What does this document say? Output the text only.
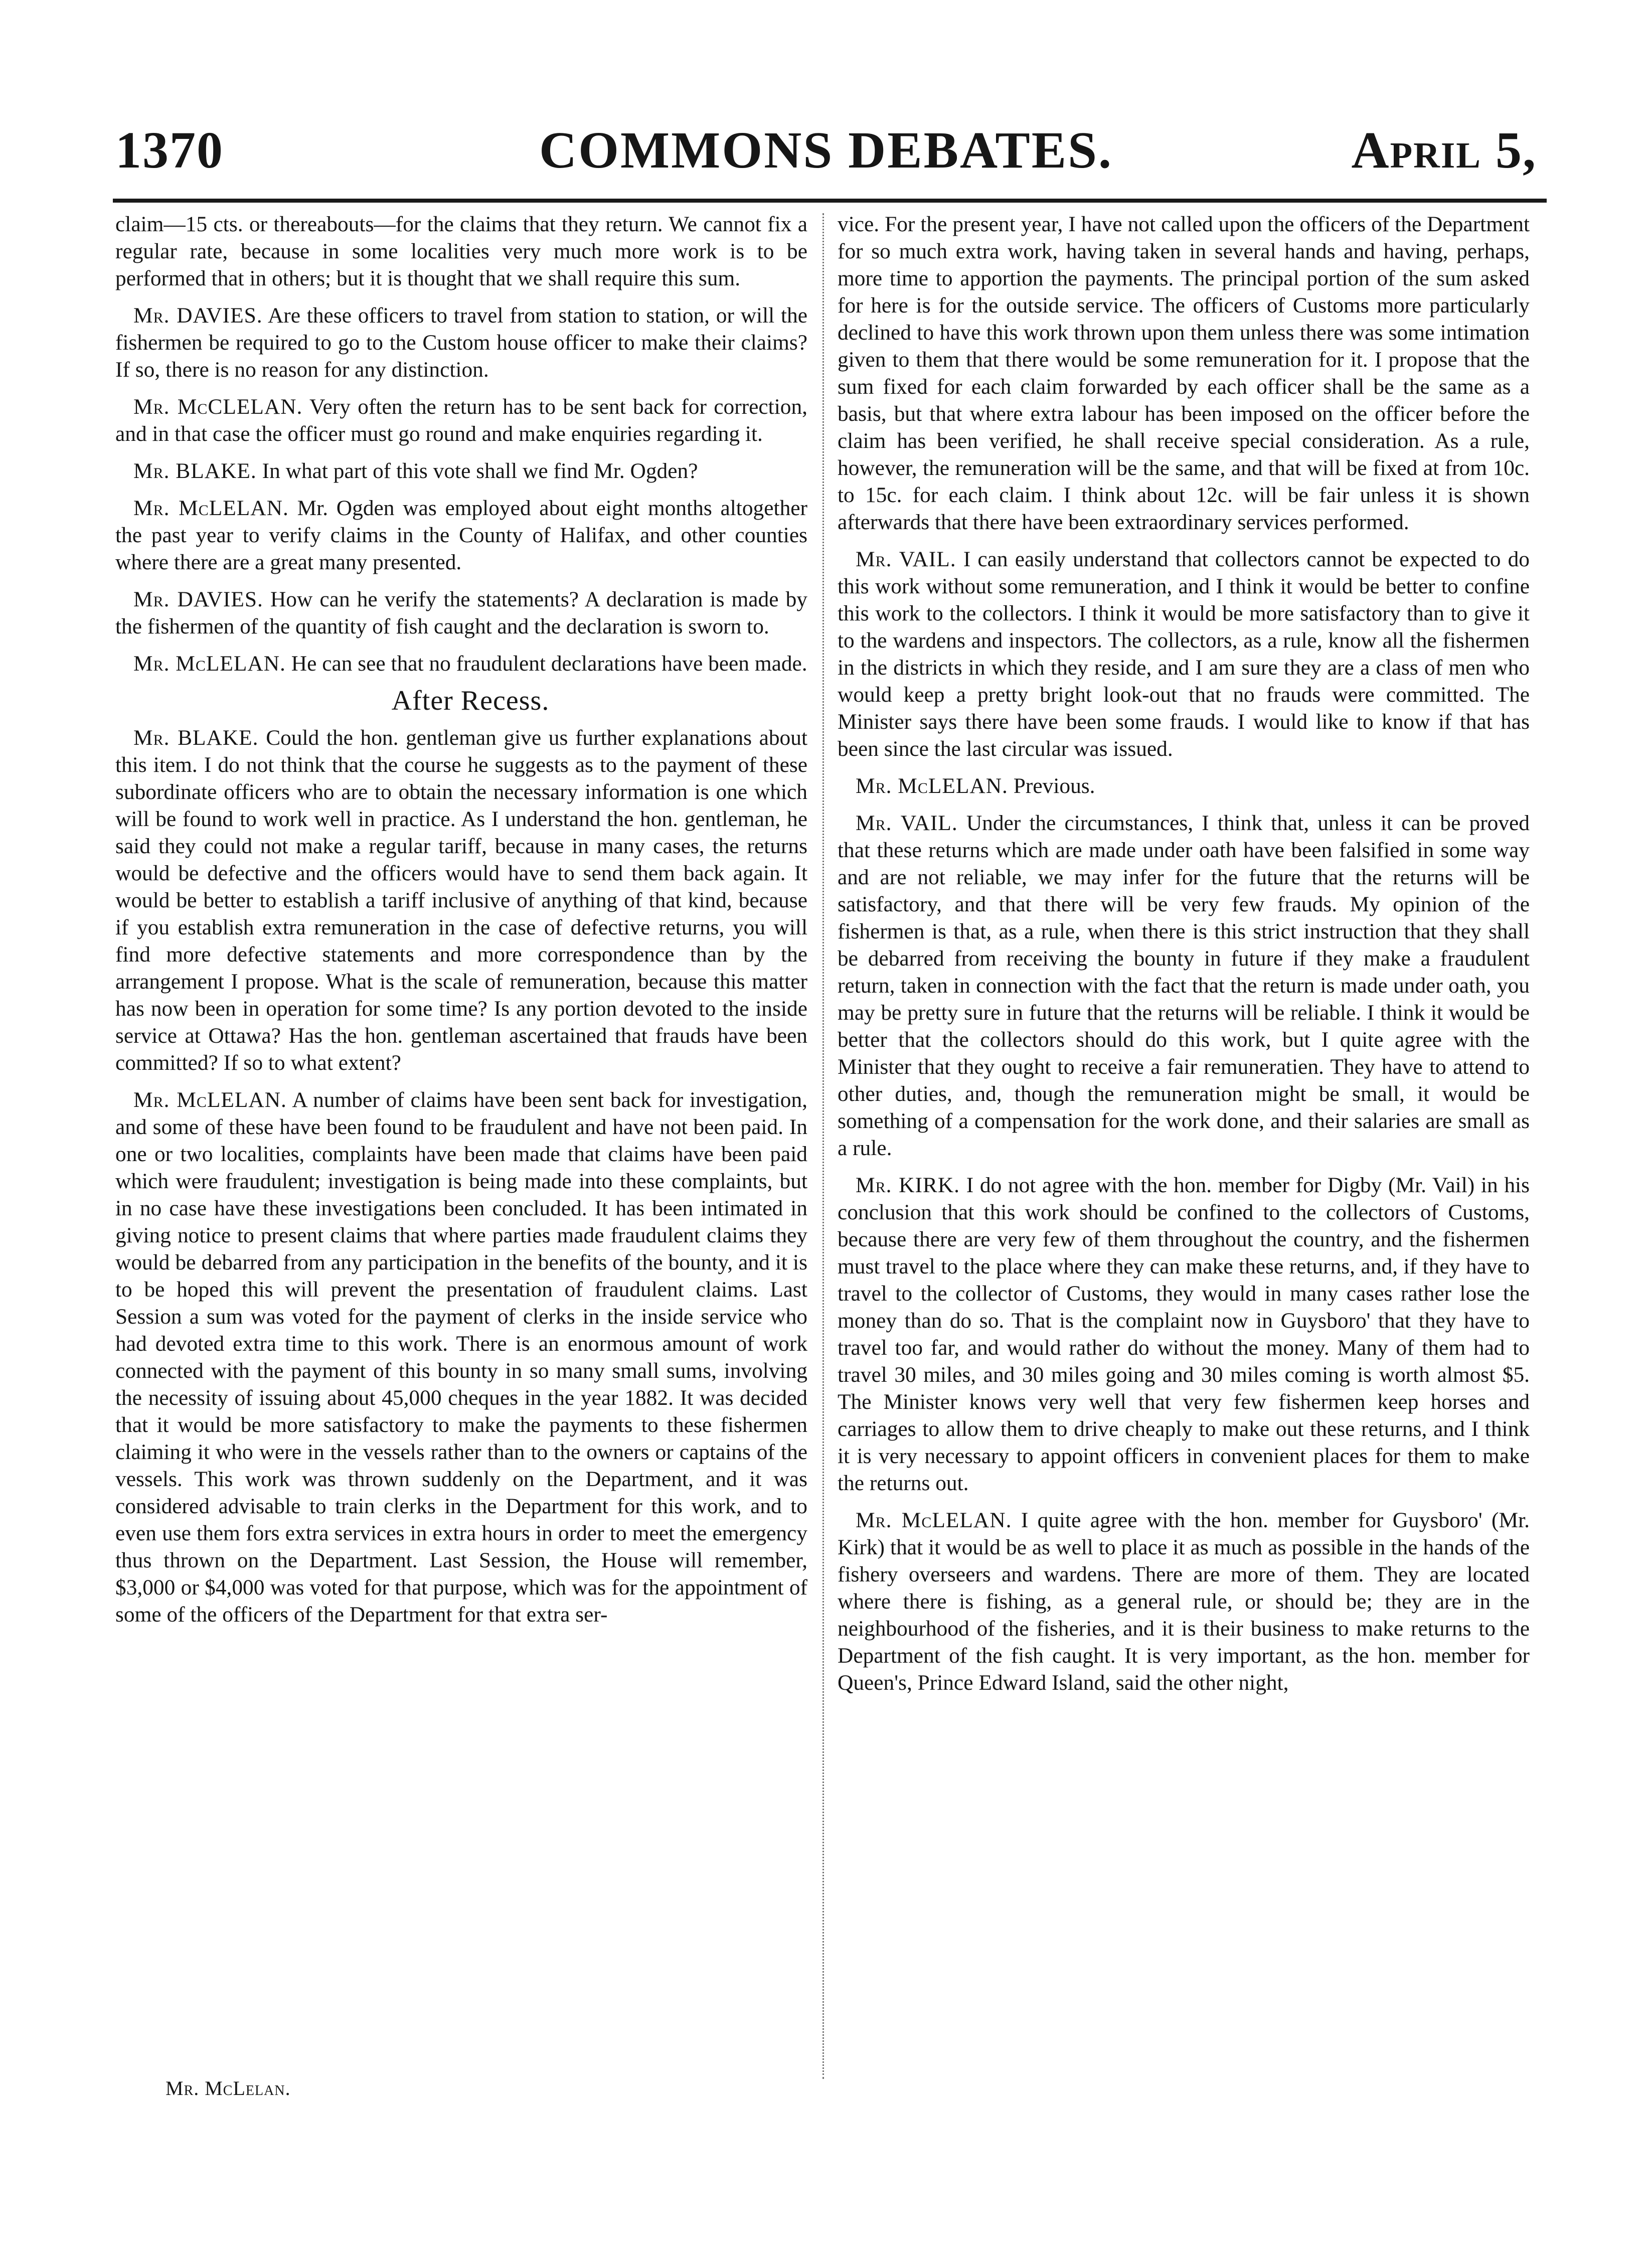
1370	COMMONS DEBATES.	April 5,

claim—15 cts. or thereabouts—for the claims that they return. We cannot fix a regular rate, because in some localities very much more work is to be performed that in others; but it is thought that we shall require this sum.

Mr. DAVIES. Are these officers to travel from station to station, or will the fishermen be required to go to the Custom house officer to make their claims? If so, there is no reason for any distinction.

Mr. McCLELAN. Very often the return has to be sent back for correction, and in that case the officer must go round and make enquiries regarding it.

Mr. BLAKE. In what part of this vote shall we find Mr. Ogden?

Mr. McLELAN. Mr. Ogden was employed about eight months altogether the past year to verify claims in the County of Halifax, and other counties where there are a great many presented.

Mr. DAVIES. How can he verify the statements? A declaration is made by the fishermen of the quantity of fish caught and the declaration is sworn to.

Mr. McLELAN. He can see that no fraudulent declarations have been made.

After Recess.

Mr. BLAKE. Could the hon. gentleman give us further explanations about this item. I do not think that the course he suggests as to the payment of these subordinate officers who are to obtain the necessary information is one which will be found to work well in practice. As I understand the hon. gentleman, he said they could not make a regular tariff, because in many cases, the returns would be defective and the officers would have to send them back again. It would be better to establish a tariff inclusive of anything of that kind, because if you establish extra remuneration in the case of defective returns, you will find more defective statements and more correspondence than by the arrangement I propose. What is the scale of remuneration, because this matter has now been in operation for some time? Is any portion devoted to the inside service at Ottawa? Has the hon. gentleman ascertained that frauds have been committed? If so to what extent?

Mr. McLELAN. A number of claims have been sent back for investigation, and some of these have been found to be fraudulent and have not been paid. In one or two localities, complaints have been made that claims have been paid which were fraudulent; investigation is being made into these complaints, but in no case have these investigations been concluded. It has been intimated in giving notice to present claims that where parties made fraudulent claims they would be debarred from any participation in the benefits of the bounty, and it is to be hoped this will prevent the presentation of fraudulent claims. Last Session a sum was voted for the payment of clerks in the inside service who had devoted extra time to this work. There is an enormous amount of work connected with the payment of this bounty in so many small sums, involving the necessity of issuing about 45,000 cheques in the year 1882. It was decided that it would be more satisfactory to make the payments to these fishermen claiming it who were in the vessels rather than to the owners or captains of the vessels. This work was thrown suddenly on the Department, and it was considered advisable to train clerks in the Department for this work, and to even use them fors extra services in extra hours in order to meet the emergency thus thrown on the Department. Last Session, the House will remember, $3,000 or $4,000 was voted for that purpose, which was for the appointment of some of the officers of the Department for that extra ser-

vice. For the present year, I have not called upon the officers of the Department for so much extra work, having taken in several hands and having, perhaps, more time to apportion the payments. The principal portion of the sum asked for here is for the outside service. The officers of Customs more particularly declined to have this work thrown upon them unless there was some intimation given to them that there would be some remuneration for it. I propose that the sum fixed for each claim forwarded by each officer shall be the same as a basis, but that where extra labour has been imposed on the officer before the claim has been verified, he shall receive special consideration. As a rule, however, the remuneration will be the same, and that will be fixed at from 10c. to 15c. for each claim. I think about 12c. will be fair unless it is shown afterwards that there have been extraordinary services performed.

Mr. VAIL. I can easily understand that collectors cannot be expected to do this work without some remuneration, and I think it would be better to confine this work to the collectors. I think it would be more satisfactory than to give it to the wardens and inspectors. The collectors, as a rule, know all the fishermen in the districts in which they reside, and I am sure they are a class of men who would keep a pretty bright look-out that no frauds were committed. The Minister says there have been some frauds. I would like to know if that has been since the last circular was issued.

Mr. McLELAN. Previous.

Mr. VAIL. Under the circumstances, I think that, unless it can be proved that these returns which are made under oath have been falsified in some way and are not reliable, we may infer for the future that the returns will be satisfactory, and that there will be very few frauds. My opinion of the fishermen is that, as a rule, when there is this strict instruction that they shall be debarred from receiving the bounty in future if they make a fraudulent return, taken in connection with the fact that the return is made under oath, you may be pretty sure in future that the returns will be reliable. I think it would be better that the collectors should do this work, but I quite agree with the Minister that they ought to receive a fair remuneratien. They have to attend to other duties, and, though the remuneration might be small, it would be something of a compensation for the work done, and their salaries are small as a rule.

Mr. KIRK. I do not agree with the hon. member for Digby (Mr. Vail) in his conclusion that this work should be confined to the collectors of Customs, because there are very few of them throughout the country, and the fishermen must travel to the place where they can make these returns, and, if they have to travel to the collector of Customs, they would in many cases rather lose the money than do so. That is the complaint now in Guysboro' that they have to travel too far, and would rather do without the money. Many of them had to travel 30 miles, and 30 miles going and 30 miles coming is worth almost $5. The Minister knows very well that very few fishermen keep horses and carriages to allow them to drive cheaply to make out these returns, and I think it is very necessary to appoint officers in convenient places for them to make the returns out.

Mr. McLELAN. I quite agree with the hon. member for Guysboro' (Mr. Kirk) that it would be as well to place it as much as possible in the hands of the fishery overseers and wardens. There are more of them. They are located where there is fishing, as a general rule, or should be; they are in the neighbourhood of the fisheries, and it is their business to make returns to the Department of the fish caught. It is very important, as the hon. member for Queen's, Prince Edward Island, said the other night,

Mr. McLelan.
